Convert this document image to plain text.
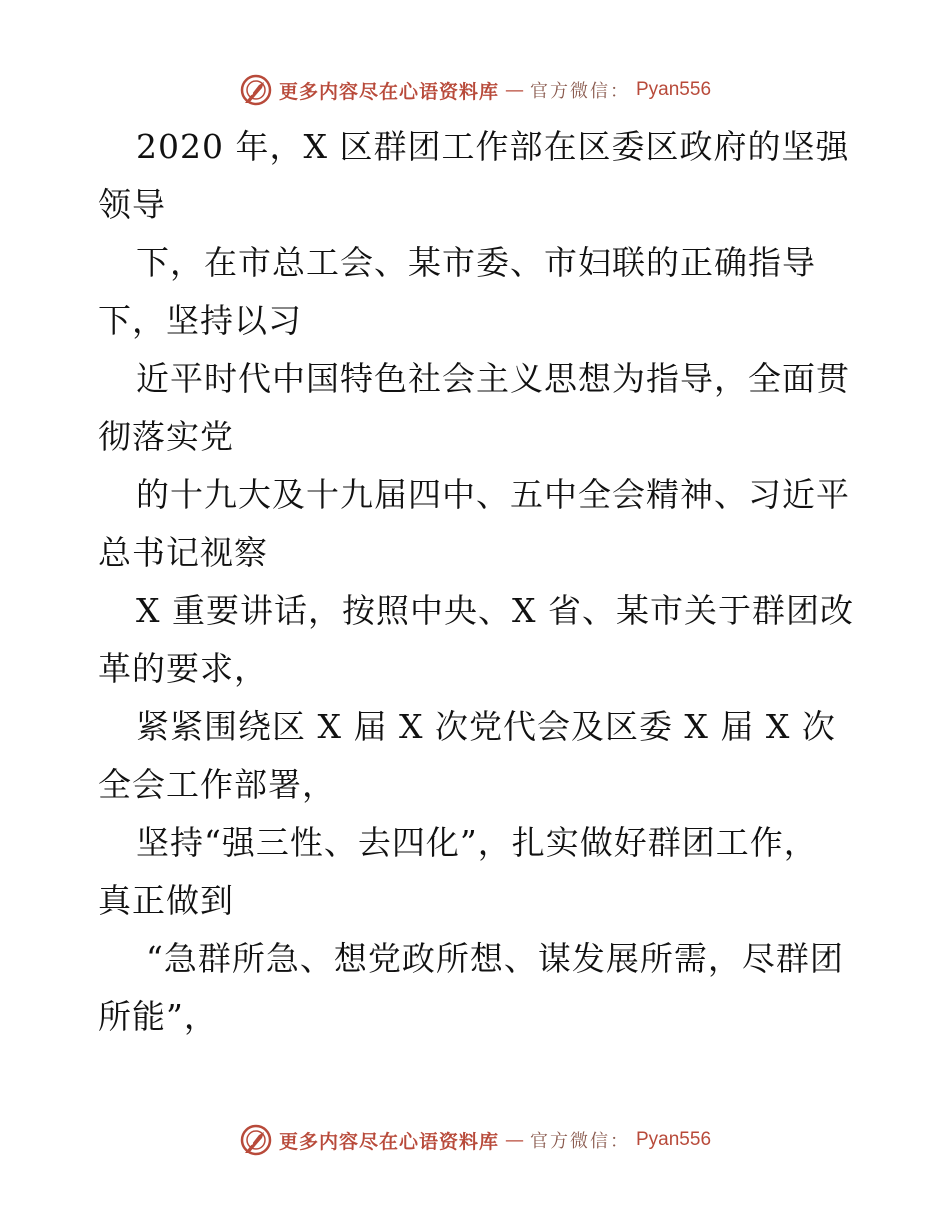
更多内容尽在心语资料库 — 官方微信： Pyan556
2020 年，X 区群团工作部在区委区政府的坚强
领导
下，在市总工会、某市委、市妇联的正确指导
下，坚持以习
近平时代中国特色社会主义思想为指导，全面贯
彻落实党
的十九大及十九届四中、五中全会精神、习近平
总书记视察
X 重要讲话，按照中央、X 省、某市关于群团改
革的要求，
紧紧围绕区 X 届 X 次党代会及区委 X 届 X 次
全会工作部署，
坚持“强三性、去四化”，扎实做好群团工作，
真正做到
“急群所急、想党政所想、谋发展所需，尽群团
所能”，
更多内容尽在心语资料库 — 官方微信： Pyan556
